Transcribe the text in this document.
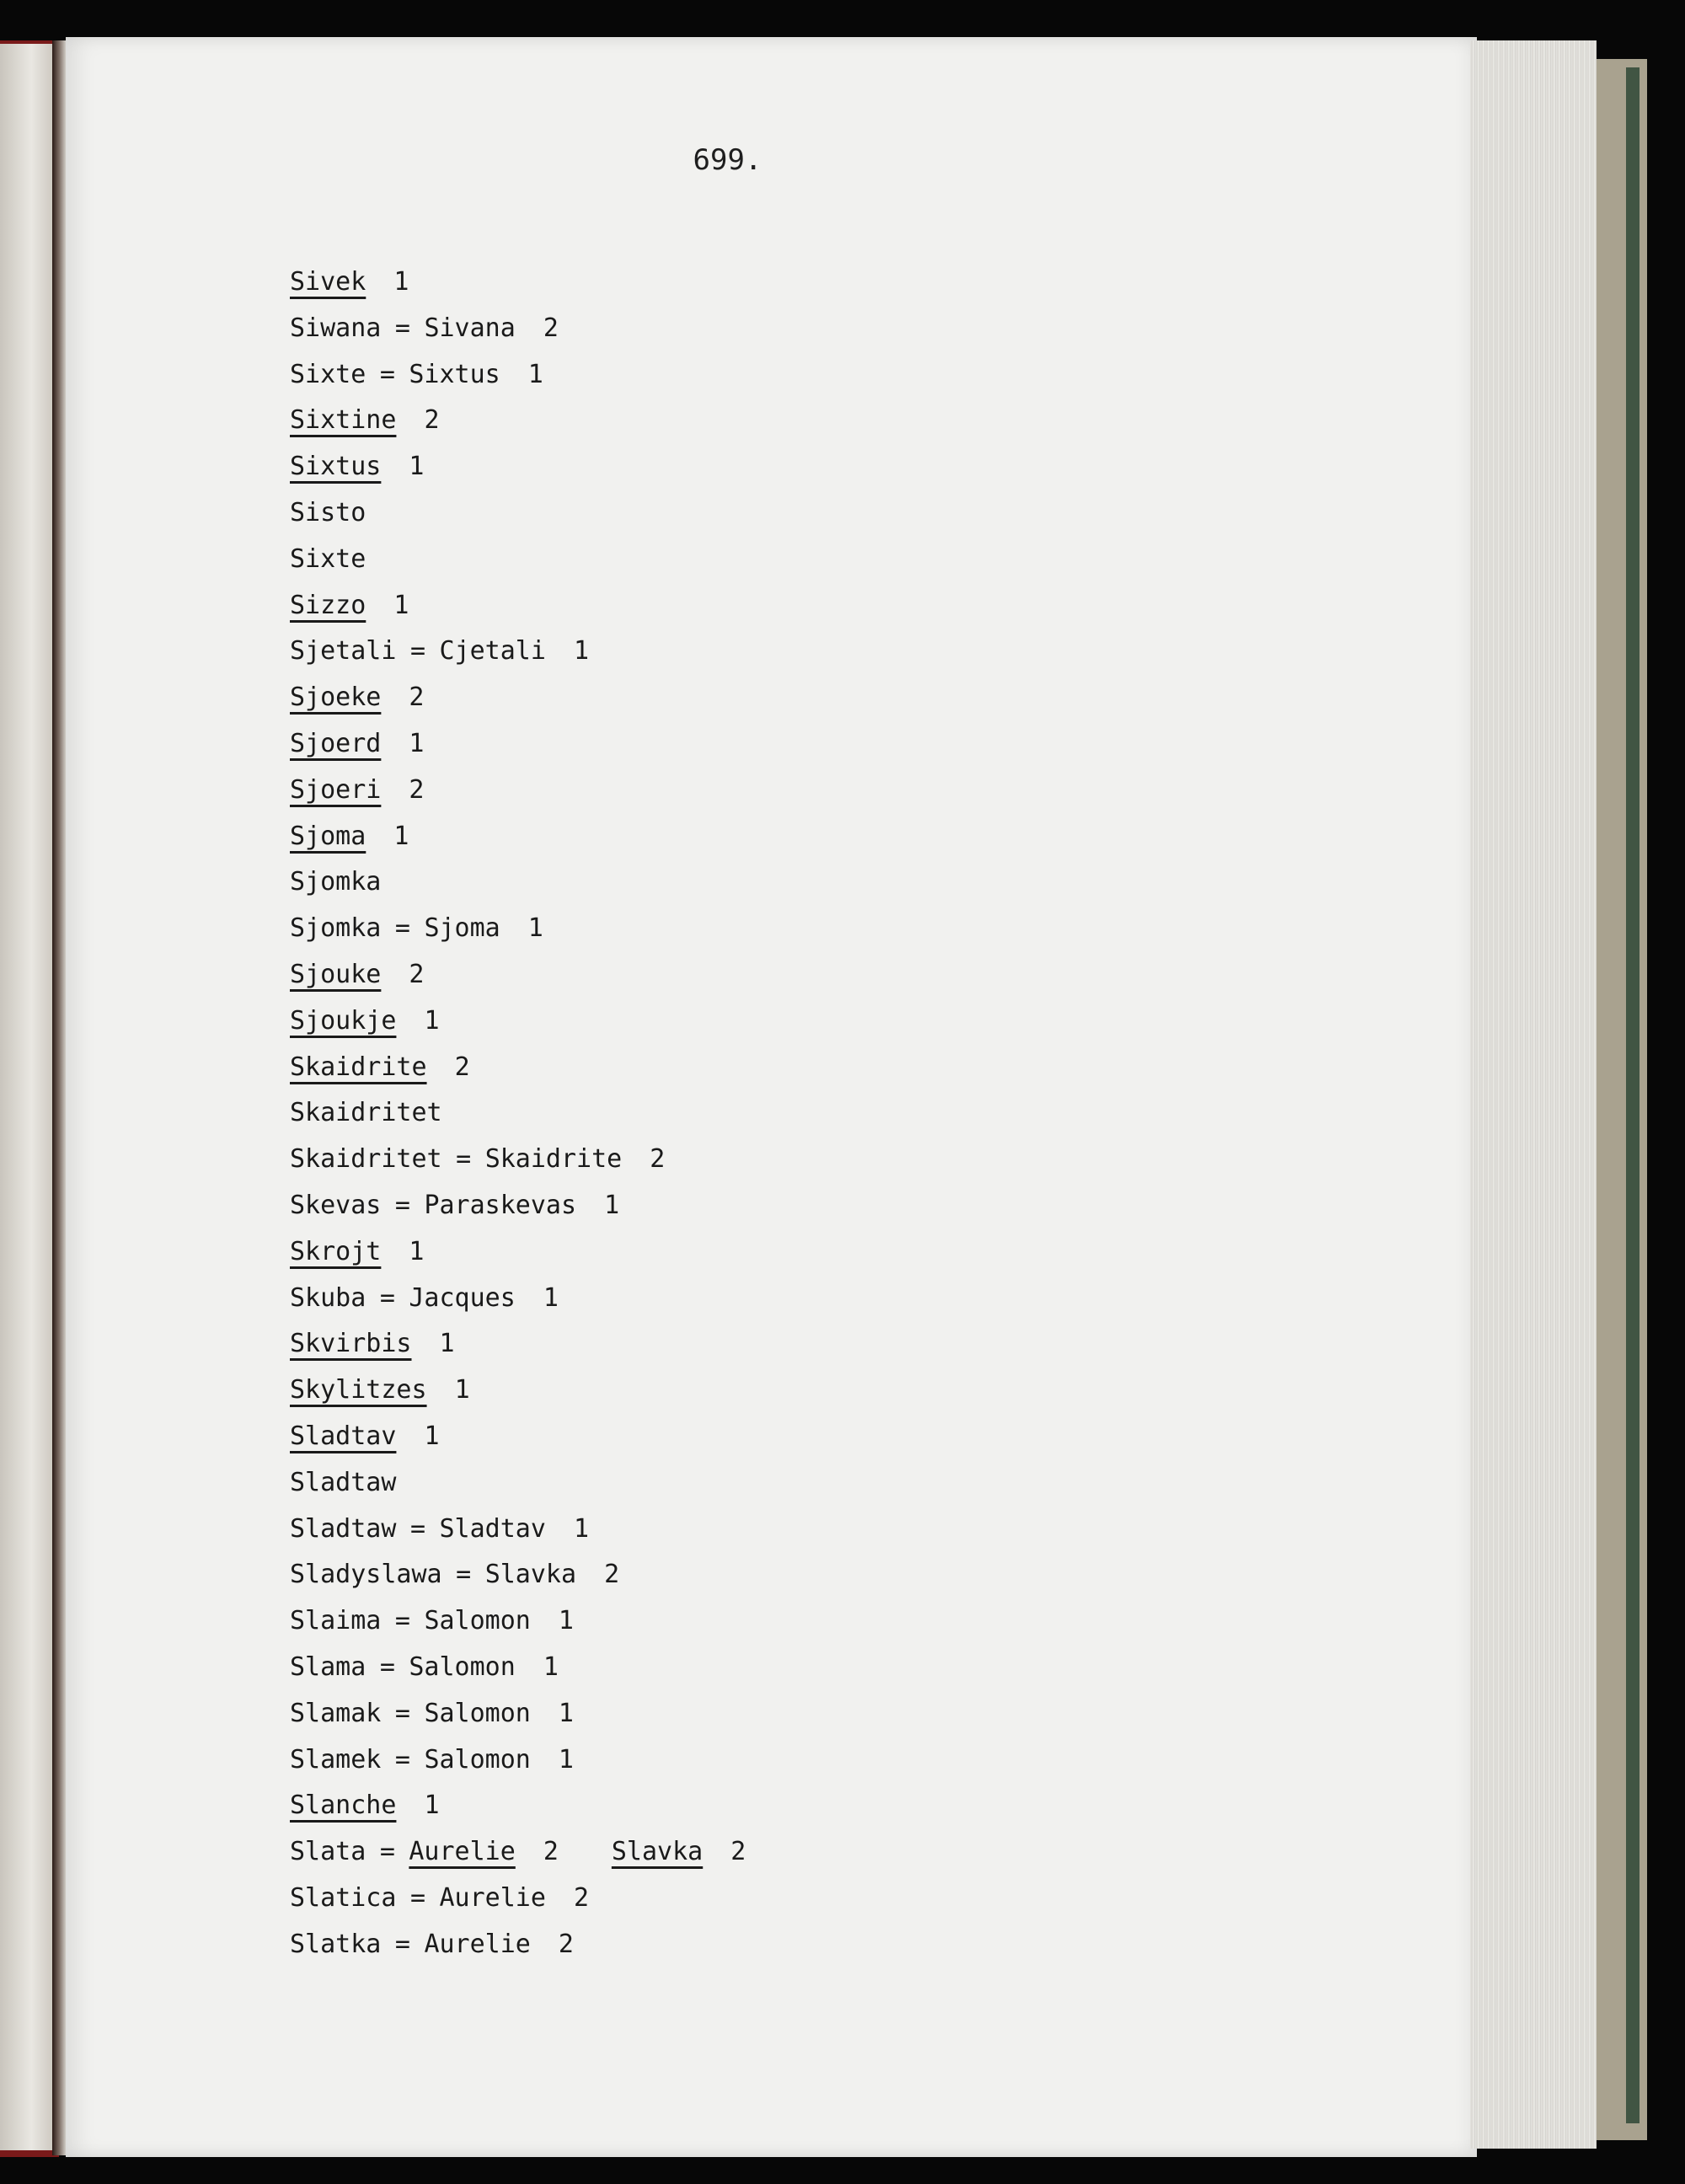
699.
Sivek 1
Siwana = Sivana 2
Sixte = Sixtus 1
Sixtine 2
Sixtus 1
Sisto
Sixte
Sizzo 1
Sjetali = Cjetali 1
Sjoeke 2
Sjoerd 1
Sjoeri 2
Sjoma 1
Sjomka
Sjomka = Sjoma 1
Sjouke 2
Sjoukje 1
Skaidrite 2
Skaidritet
Skaidritet = Skaidrite 2
Skevas = Paraskevas 1
Skrojt 1
Skuba = Jacques 1
Skvirbis 1
Skylitzes 1
Sladtav 1
Sladtaw
Sladtaw = Sladtav 1
Sladyslawa = Slavka 2
Slaima = Salomon 1
Slama = Salomon 1
Slamak = Salomon 1
Slamek = Salomon 1
Slanche 1
Slata = Aurelie 2 Slavka 2
Slatica = Aurelie 2
Slatka = Aurelie 2
